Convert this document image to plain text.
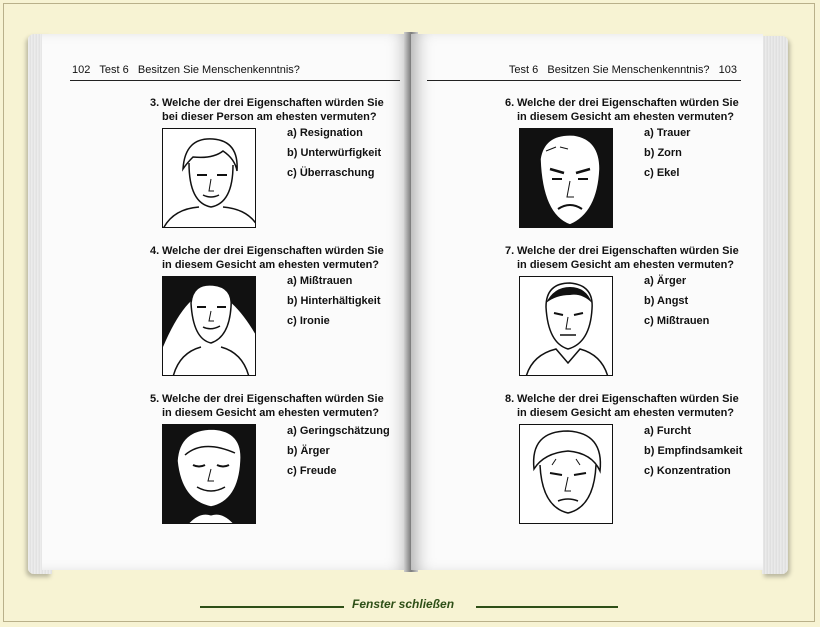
102 Test 6   Besitzen Sie Menschenkenntnis?
3. Welche der drei Eigenschaften würden Sie
bei dieser Person am ehesten vermuten?
a) Resignation
b) Unterwürfigkeit
c) Überraschung
4. Welche der drei Eigenschaften würden Sie
in diesem Gesicht am ehesten vermuten?
a) Mißtrauen
b) Hinterhältigkeit
c) Ironie
5. Welche der drei Eigenschaften würden Sie
in diesem Gesicht am ehesten vermuten?
a) Geringschätzung
b) Ärger
c) Freude
Test 6   Besitzen Sie Menschenkenntnis? 103
6. Welche der drei Eigenschaften würden Sie
in diesem Gesicht am ehesten vermuten?
a) Trauer
b) Zorn
c) Ekel
7. Welche der drei Eigenschaften würden Sie
in diesem Gesicht am ehesten vermuten?
a) Ärger
b) Angst
c) Mißtrauen
8. Welche der drei Eigenschaften würden Sie
in diesem Gesicht am ehesten vermuten?
a) Furcht
b) Empfindsamkeit
c) Konzentration
Fenster schließen
